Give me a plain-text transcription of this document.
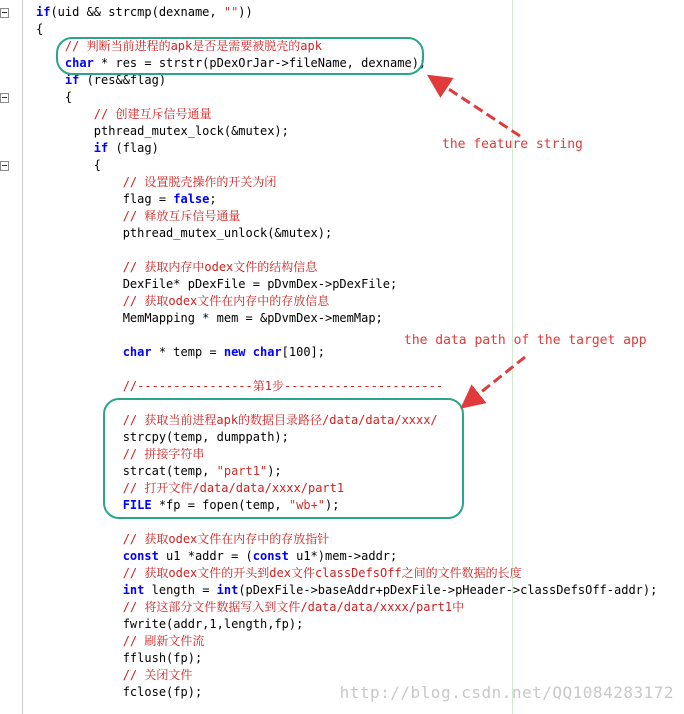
if(uid && strcmp(dexname, ""))
{
// 判断当前进程的apk是否是需要被脱壳的apk
char * res = strstr(pDexOrJar->fileName, dexname);
if (res&&flag)
{
// 创建互斥信号通量
pthread_mutex_lock(&mutex);
if (flag)
{
// 设置脱壳操作的开关为闭
flag = false;
// 释放互斥信号通量
pthread_mutex_unlock(&mutex);
// 获取内存中odex文件的结构信息
DexFile* pDexFile = pDvmDex->pDexFile;
// 获取odex文件在内存中的存放信息
MemMapping * mem = &pDvmDex->memMap;
char * temp = new char[100];
//----------------第1步----------------------
// 获取当前进程apk的数据目录路径/data/data/xxxx/
strcpy(temp, dumppath);
// 拼接字符串
strcat(temp, "part1");
// 打开文件/data/data/xxxx/part1
FILE *fp = fopen(temp, "wb+");
// 获取odex文件在内存中的存放指针
const u1 *addr = (const u1*)mem->addr;
// 获取odex文件的开头到dex文件classDefsOff之间的文件数据的长度
int length = int(pDexFile->baseAddr+pDexFile->pHeader->classDefsOff-addr);
// 将这部分文件数据写入到文件/data/data/xxxx/part1中
fwrite(addr,1,length,fp);
// 刷新文件流
fflush(fp);
// 关闭文件
fclose(fp);
the feature string
the data path of the target app
http://blog.csdn.net/QQ1084283172
